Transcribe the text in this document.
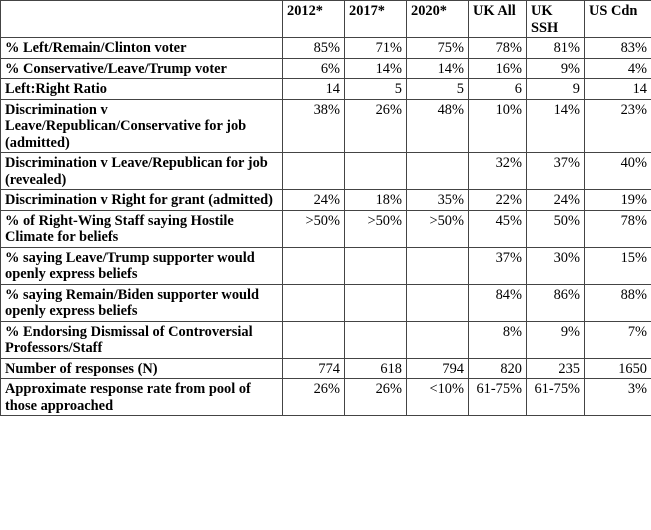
	2012*	2017*	2020*	UK All	UK SSH	US Cdn
% Left/Remain/Clinton voter	85%	71%	75%	78%	81%	83%
% Conservative/Leave/Trump voter	6%	14%	14%	16%	9%	4%
Left:Right Ratio	14	5	5	6	9	14
Discrimination v Leave/Republican/Conservative for job (admitted)	38%	26%	48%	10%	14%	23%
Discrimination v Leave/Republican for job (revealed)				32%	37%	40%
Discrimination v Right for grant (admitted)	24%	18%	35%	22%	24%	19%
% of Right-Wing Staff saying Hostile Climate for beliefs	>50%	>50%	>50%	45%	50%	78%
% saying Leave/Trump supporter would openly express beliefs				37%	30%	15%
% saying Remain/Biden supporter would openly express beliefs				84%	86%	88%
% Endorsing Dismissal of Controversial Professors/Staff				8%	9%	7%
Number of responses (N)	774	618	794	820	235	1650
Approximate response rate from pool of those approached	26%	26%	<10%	61-75%	61-75%	3%
